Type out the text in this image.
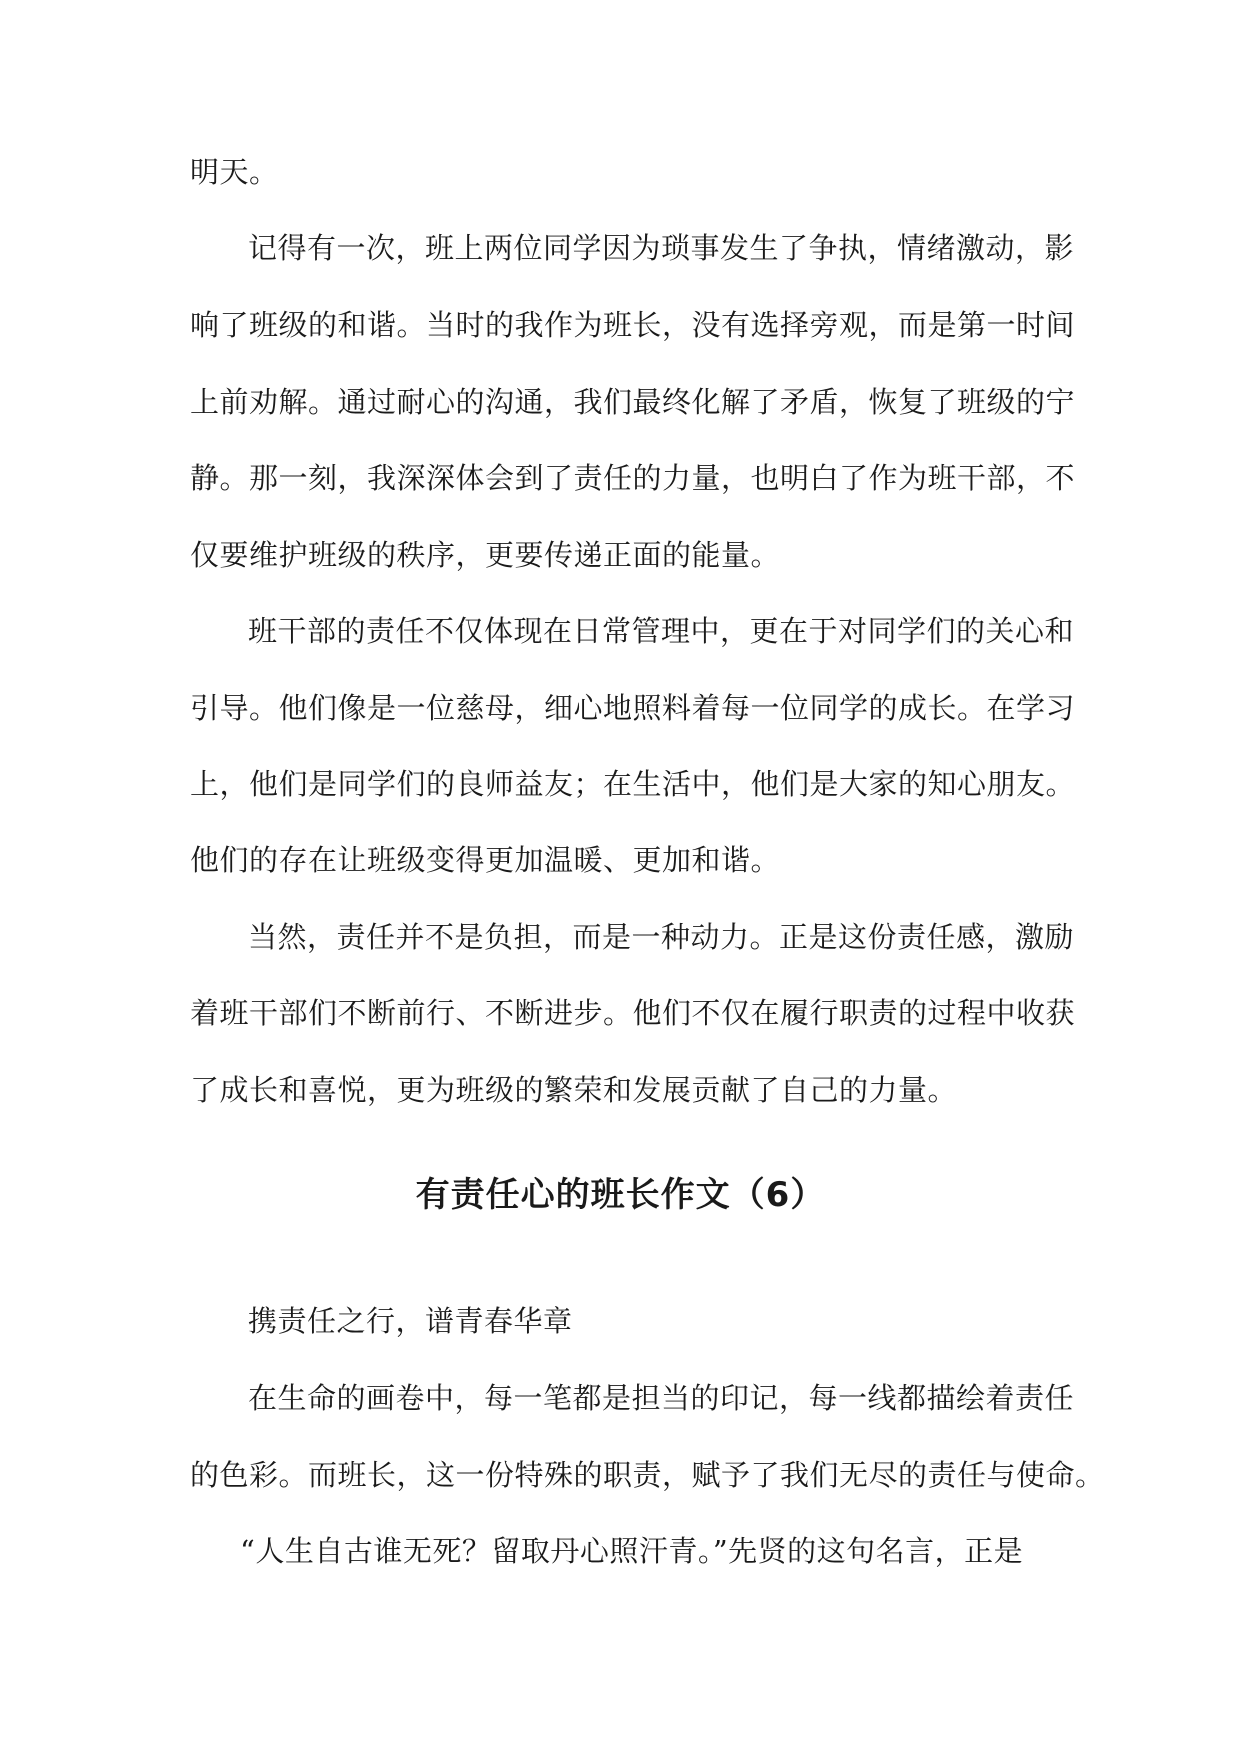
明天。
记得有一次，班上两位同学因为琐事发生了争执，情绪激动，影
响了班级的和谐。当时的我作为班长，没有选择旁观，而是第一时间
上前劝解。通过耐心的沟通，我们最终化解了矛盾，恢复了班级的宁
静。那一刻，我深深体会到了责任的力量，也明白了作为班干部，不
仅要维护班级的秩序，更要传递正面的能量。
班干部的责任不仅体现在日常管理中，更在于对同学们的关心和
引导。他们像是一位慈母，细心地照料着每一位同学的成长。在学习
上，他们是同学们的良师益友；在生活中，他们是大家的知心朋友。
他们的存在让班级变得更加温暖、更加和谐。
当然，责任并不是负担，而是一种动力。正是这份责任感，激励
着班干部们不断前行、不断进步。他们不仅在履行职责的过程中收获
了成长和喜悦，更为班级的繁荣和发展贡献了自己的力量。
有责任心的班长作文（6）
携责任之行，谱青春华章
在生命的画卷中，每一笔都是担当的印记，每一线都描绘着责任
的色彩。而班长，这一份特殊的职责，赋予了我们无尽的责任与使命。
“人生自古谁无死？留取丹心照汗青。”先贤的这句名言，正是
